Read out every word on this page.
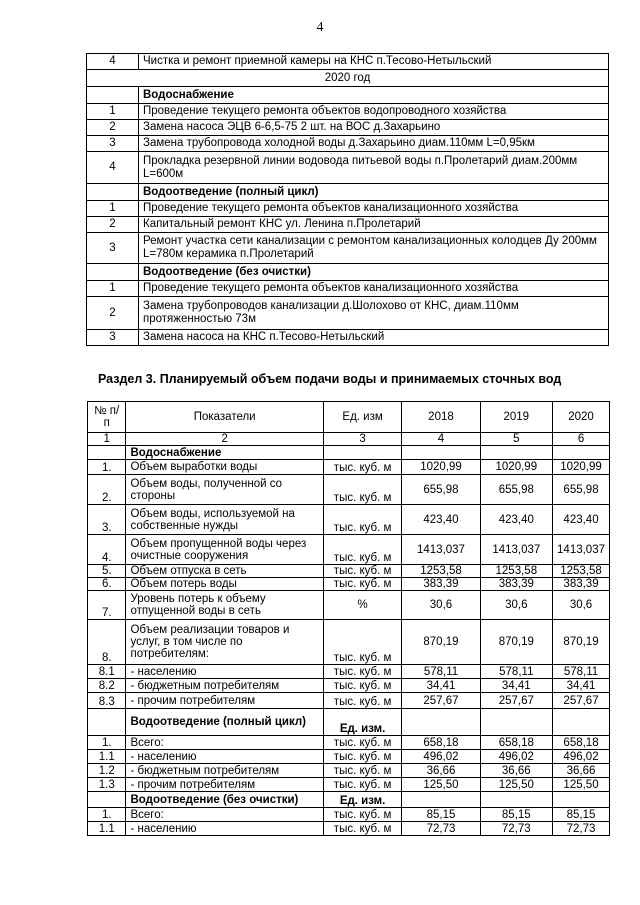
4
4	Чистка и ремонт приемной камеры на КНС п.Тесово-Нетыльский
2020 год	
	Водоснабжение
1	Проведение текущего ремонта объектов водопроводного хозяйства
2	Замена насоса ЭЦВ 6-6,5-75 2 шт. на ВОС д.Захарьино
3	Замена трубопровода холодной воды д.Захарьино диам.110мм L=0,95км
4	Прокладка резервной линии водовода питьевой воды п.Пролетарий диам.200мм L=600м
	Водоотведение (полный цикл)
1	Проведение текущего ремонта объектов канализационного хозяйства
2	Капитальный ремонт КНС ул. Ленина п.Пролетарий
3	Ремонт участка сети канализации с ремонтом канализационных колодцев Ду 200мм L=780м керамика п.Пролетарий
	Водоотведение (без очистки)
1	Проведение текущего ремонта объектов канализационного хозяйства
2	Замена трубопроводов канализации д.Шолохово от КНС, диам.110мм протяженностью 73м
3	Замена насоса на КНС п.Тесово-Нетыльский
Раздел 3. Планируемый объем подачи воды и принимаемых сточных вод
№ п/п	Показатели	Ед. изм	2018	2019	2020
1	2	3	4	5	6
	Водоснабжение				
1.	Объем выработки воды	тыс. куб. м	1020,99	1020,99	1020,99
2.	Объем воды, полученной со стороны	тыс. куб. м	655,98	655,98	655,98
3.	Объем воды, используемой на собственные нужды	тыс. куб. м	423,40	423,40	423,40
4.	Объем пропущенной воды через очистные сооружения	тыс. куб. м	1413,037	1413,037	1413,037
5.	Объем отпуска в сеть	тыс. куб. м	1253,58	1253,58	1253,58
6.	Объем потерь воды	тыс. куб. м	383,39	383,39	383,39
7.	Уровень потерь к объему отпущенной воды в сеть	%	30,6	30,6	30,6
8.	Объем реализации товаров и услуг, в том числе по потребителям:	тыс. куб. м	870,19	870,19	870,19
8.1	- населению	тыс. куб. м	578,11	578,11	578,11
8.2	- бюджетным потребителям	тыс. куб. м	34,41	34,41	34,41
8.3	- прочим потребителям	тыс. куб. м	257,67	257,67	257,67
	Водоотведение (полный цикл)	Ед. изм.			
1.	Всего:	тыс. куб. м	658,18	658,18	658,18
1.1	- населению	тыс. куб. м	496,02	496,02	496,02
1.2	- бюджетным потребителям	тыс. куб. м	36,66	36,66	36,66
1.3	- прочим потребителям	тыс. куб. м	125,50	125,50	125,50
	Водоотведение (без очистки)	Ед. изм.			
1.	Всего:	тыс. куб. м	85,15	85,15	85,15
1.1	- населению	тыс. куб. м	72,73	72,73	72,73
